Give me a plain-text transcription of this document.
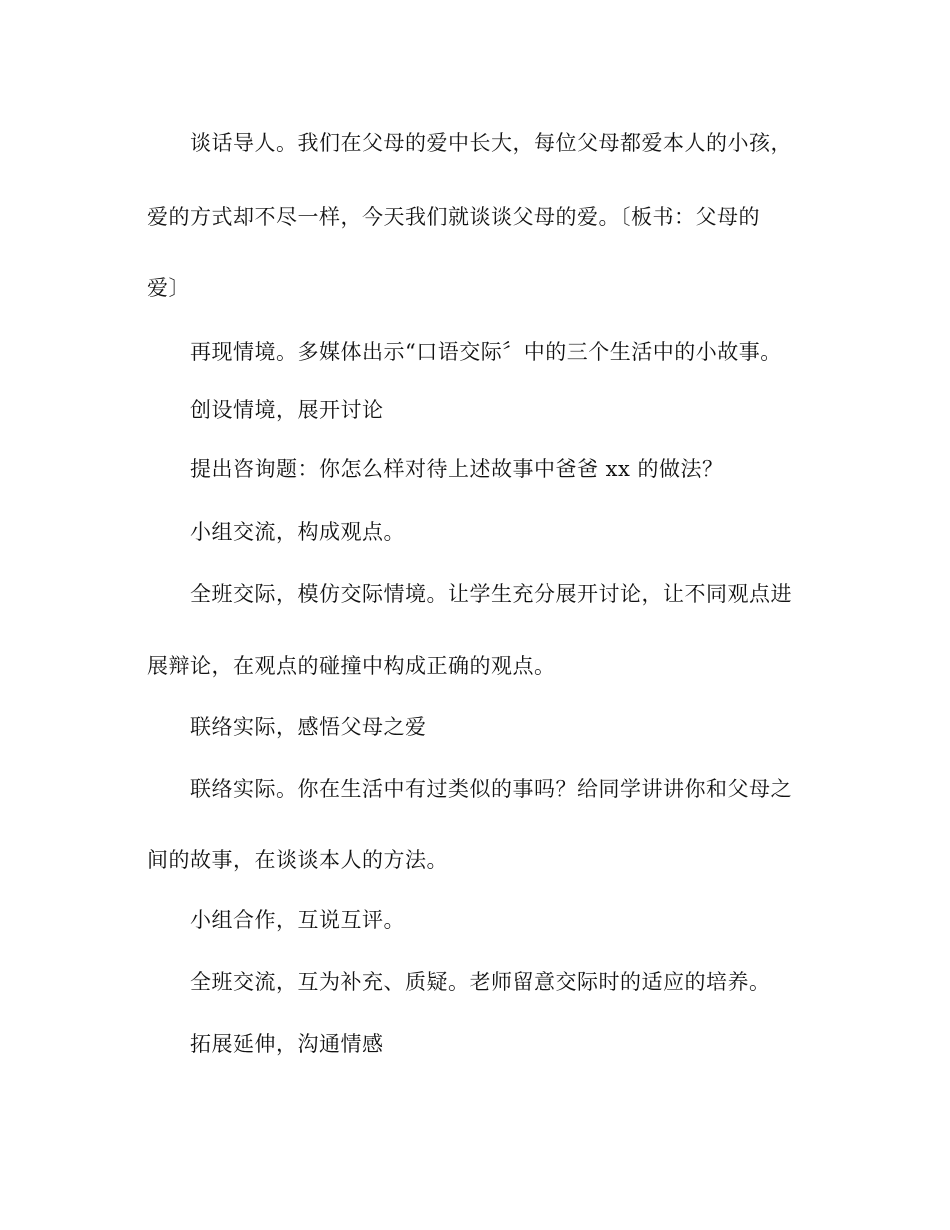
谈话导人。我们在父母的爱中长大，每位父母都爱本人的小孩，
爱的方式却不尽一样，今天我们就谈谈父母的爱。〔板书：父母的
爱〕
再现情境。多媒体出示“口语交际〞中的三个生活中的小故事。
创设情境，展开讨论
提出咨询题：你怎么样对待上述故事中爸爸 xx 的做法？
小组交流，构成观点。
全班交际，模仿交际情境。让学生充分展开讨论，让不同观点进
展辩论，在观点的碰撞中构成正确的观点。
联络实际，感悟父母之爱
联络实际。你在生活中有过类似的事吗？给同学讲讲你和父母之
间的故事，在谈谈本人的方法。
小组合作，互说互评。
全班交流，互为补充、质疑。老师留意交际时的适应的培养。
拓展延伸，沟通情感
